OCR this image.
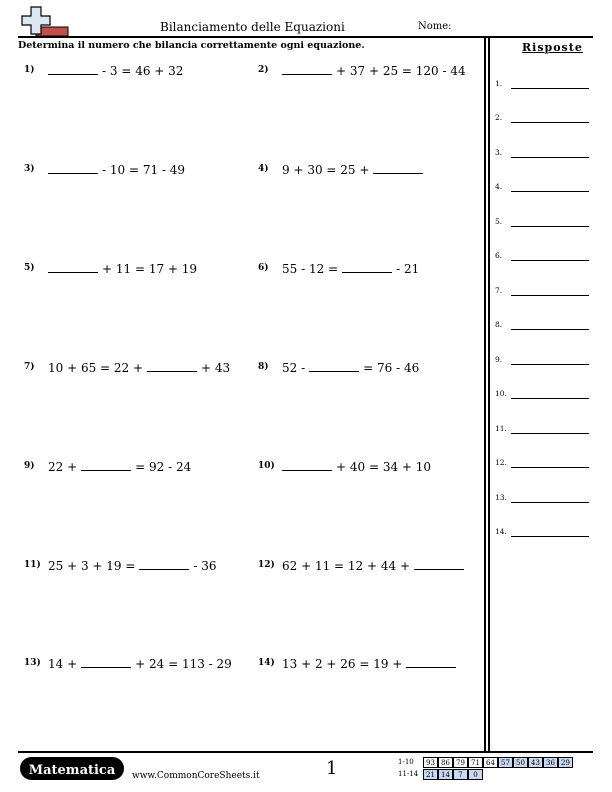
Bilanciamento delle Equazioni	Nome:
Determina il numero che bilancia correttamente ogni equazione.	Risposte
1.
2.
3.
4.
5.
6.
7.
8.
9.
10.
11.
12.
13.
14.
1)	- 3 = 46 + 32	2)	+ 37 + 25 = 120 - 44
3)	- 10 = 71 - 49	4) 9 + 30 = 25 +
5)	+ 11 = 17 + 19	6) 55 - 12 =	- 21
7) 10 + 65 = 22 +	+ 43	8) 52 -	= 76 - 46
9) 22 +	= 92 - 24	10)	+ 40 = 34 + 10
11) 25 + 3 + 19 =	- 36	12) 62 + 11 = 12 + 44 +
13) 14 +	+ 24 = 113 - 29	14) 13 + 2 + 26 = 19 +
Matematica	www.CommonCoreSheets.it	1	1-10	93 86 79 71 64 57 50 43 36 29
11-14	21 14	7	0
